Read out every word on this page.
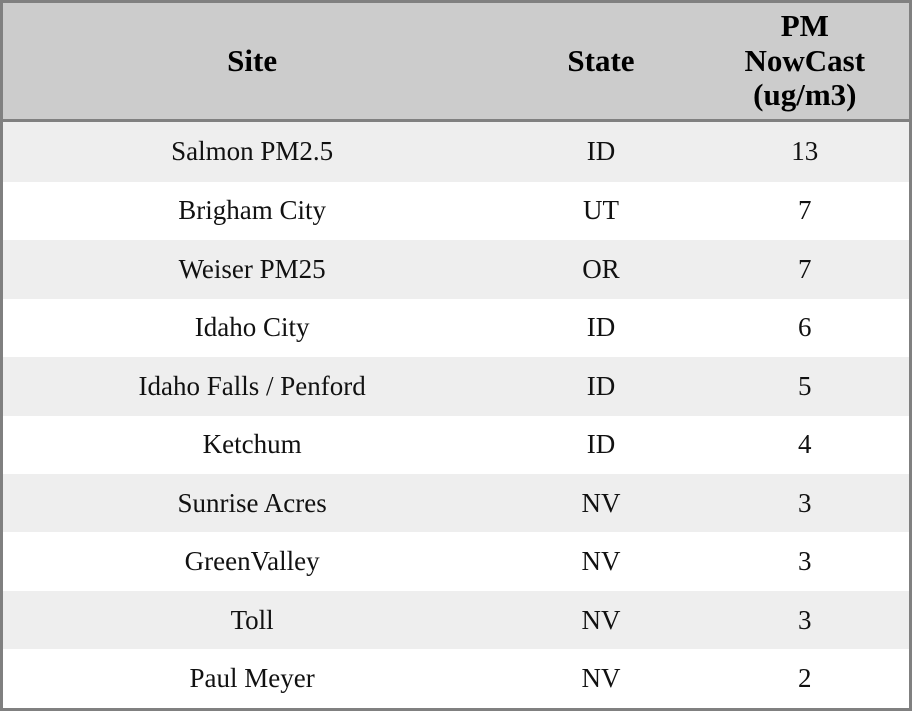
Site	State	PM
NowCast
(ug/m3)

Salmon PM2.5	ID	13
Brigham City	UT	7
Weiser PM25	OR	7
Idaho City	ID	6
Idaho Falls / Penford	ID	5
Ketchum	ID	4
Sunrise Acres	NV	3
GreenValley	NV	3
Toll	NV	3
Paul Meyer	NV	2
